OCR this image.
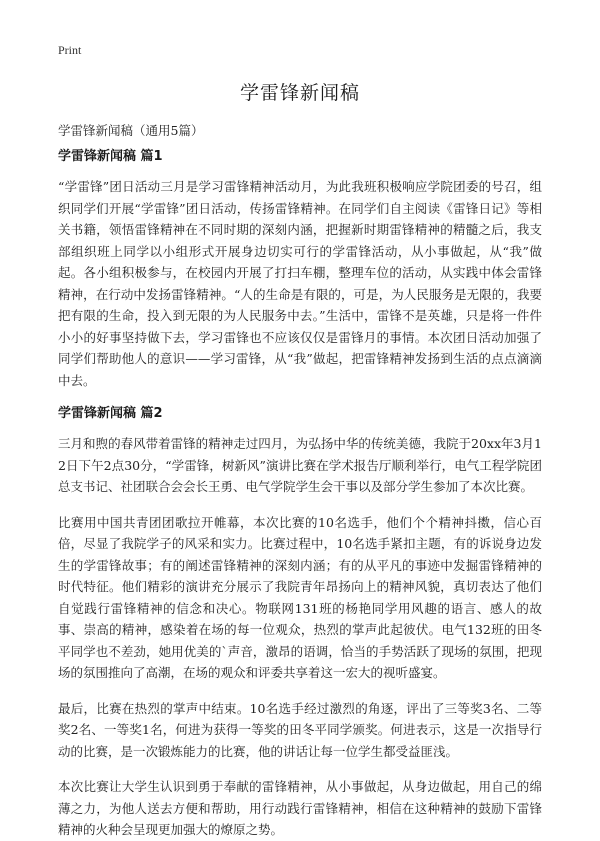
Print
学雷锋新闻稿

学雷锋新闻稿（通用5篇）

学雷锋新闻稿 篇1

“学雷锋”团日活动三月是学习雷锋精神活动月，为此我班积极响应学院团委的号召，组织同学们开展“学雷锋”团日活动，传扬雷锋精神。在同学们自主阅读《雷锋日记》等相关书籍，领悟雷锋精神在不同时期的深刻内涵，把握新时期雷锋精神的精髓之后，我支部组织班上同学以小组形式开展身边切实可行的学雷锋活动，从小事做起，从“我”做起。各小组积极参与，在校园内开展了打扫车棚，整理车位的活动，从实践中体会雷锋精神，在行动中发扬雷锋精神。“人的生命是有限的，可是，为人民服务是无限的，我要把有限的生命，投入到无限的为人民服务中去。”生活中，雷锋不是英雄，只是将一件件小小的好事坚持做下去，学习雷锋也不应该仅仅是雷锋月的事情。本次团日活动加强了同学们帮助他人的意识——学习雷锋，从“我”做起，把雷锋精神发扬到生活的点点滴滴中去。

学雷锋新闻稿 篇2

三月和煦的春风带着雷锋的精神走过四月，为弘扬中华的传统美德，我院于20xx年3月12日下午2点30分，“学雷锋，树新风”演讲比赛在学术报告厅顺利举行，电气工程学院团总支书记、社团联合会会长王勇、电气学院学生会干事以及部分学生参加了本次比赛。

比赛用中国共青团团歌拉开帷幕，本次比赛的10名选手，他们个个精神抖擞，信心百倍，尽显了我院学子的风采和实力。比赛过程中，10名选手紧扣主题，有的诉说身边发生的学雷锋故事；有的阐述雷锋精神的深刻内涵；有的从平凡的事迹中发掘雷锋精神的时代特征。他们精彩的演讲充分展示了我院青年昂扬向上的精神风貌，真切表达了他们自觉践行雷锋精神的信念和决心。物联网131班的杨艳同学用风趣的语言、感人的故事、崇高的精神，感染着在场的每一位观众，热烈的掌声此起彼伏。电气132班的田冬平同学也不差劲，她用优美的`声音，激昂的语调，恰当的手势活跃了现场的氛围，把现场的氛围推向了高潮，在场的观众和评委共享着这一宏大的视听盛宴。

最后，比赛在热烈的掌声中结束。10名选手经过激烈的角逐，评出了三等奖3名、二等奖2名、一等奖1名，何进为获得一等奖的田冬平同学颁奖。何进表示，这是一次指导行动的比赛，是一次锻炼能力的比赛，他的讲话让每一位学生都受益匪浅。

本次比赛让大学生认识到勇于奉献的雷锋精神，从小事做起，从身边做起，用自己的绵薄之力，为他人送去方便和帮助，用行动践行雷锋精神，相信在这种精神的鼓励下雷锋精神的火种会呈现更加强大的燎原之势。
